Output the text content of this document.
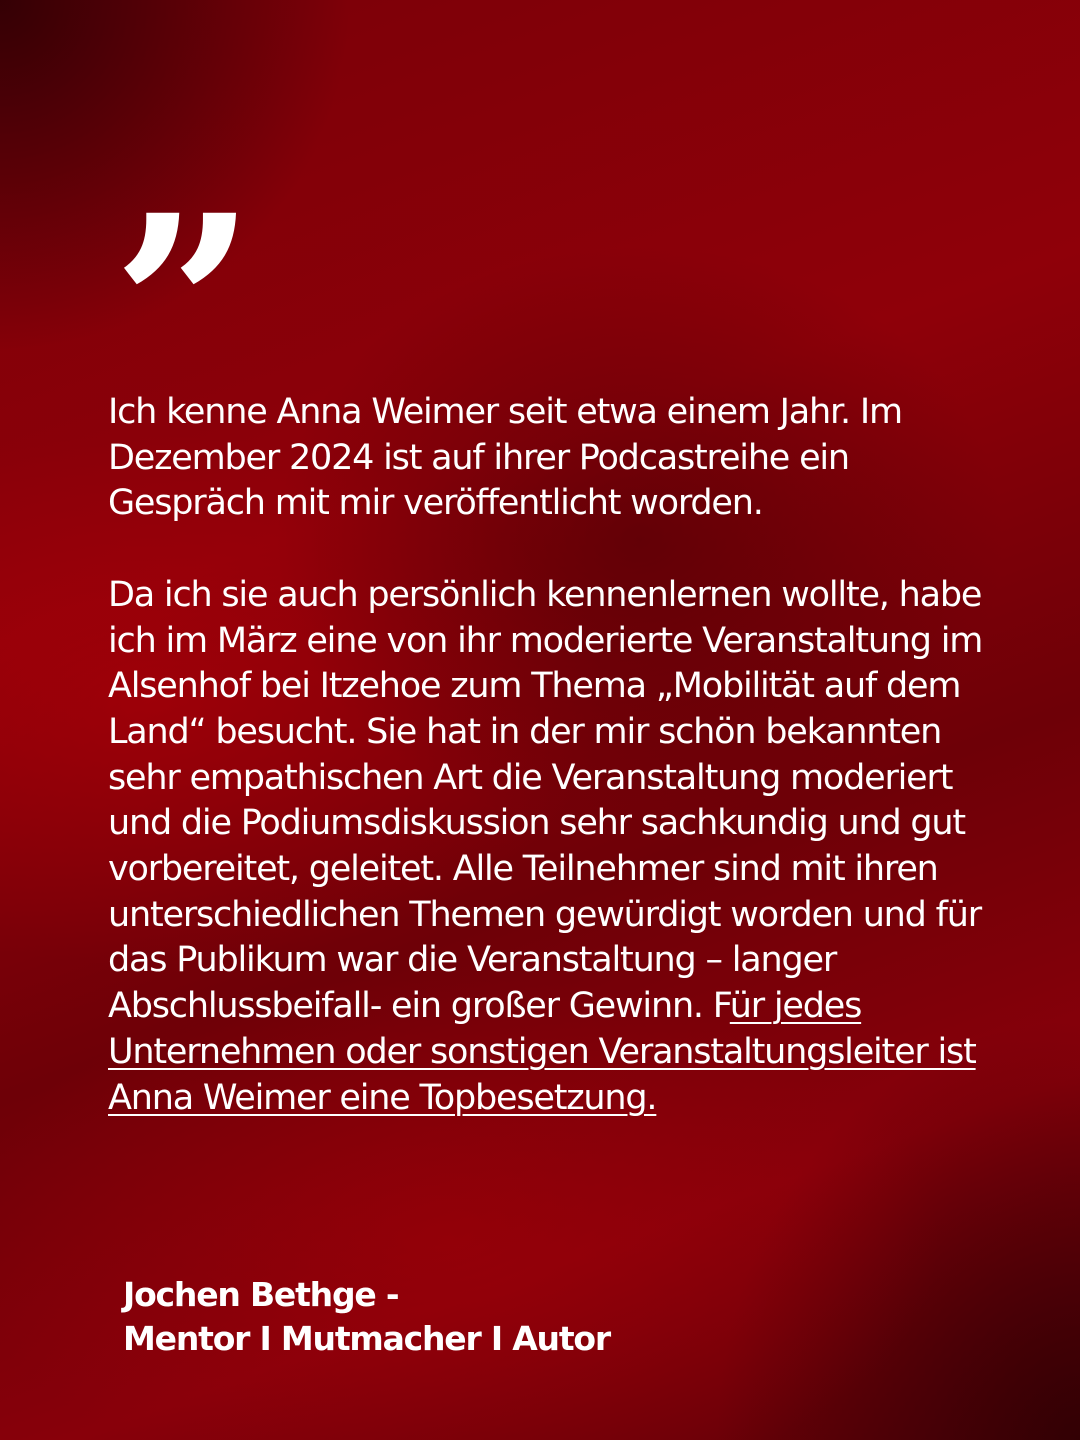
”

Ich kenne Anna Weimer seit etwa einem Jahr. Im Dezember 2024 ist auf ihrer Podcastreihe ein Gespräch mit mir veröffentlicht worden.

Da ich sie auch persönlich kennenlernen wollte, habe ich im März eine von ihr moderierte Veranstaltung im Alsenhof bei Itzehoe zum Thema „Mobilität auf dem Land“ besucht. Sie hat in der mir schön bekannten sehr empathischen Art die Veranstaltung moderiert und die Podiumsdiskussion sehr sachkundig und gut vorbereitet, geleitet. Alle Teilnehmer sind mit ihren unterschiedlichen Themen gewürdigt worden und für das Publikum war die Veranstaltung – langer Abschlussbeifall- ein großer Gewinn. Für jedes Unternehmen oder sonstigen Veranstaltungsleiter ist Anna Weimer eine Topbesetzung.

Jochen Bethge -
Mentor I Mutmacher I Autor
